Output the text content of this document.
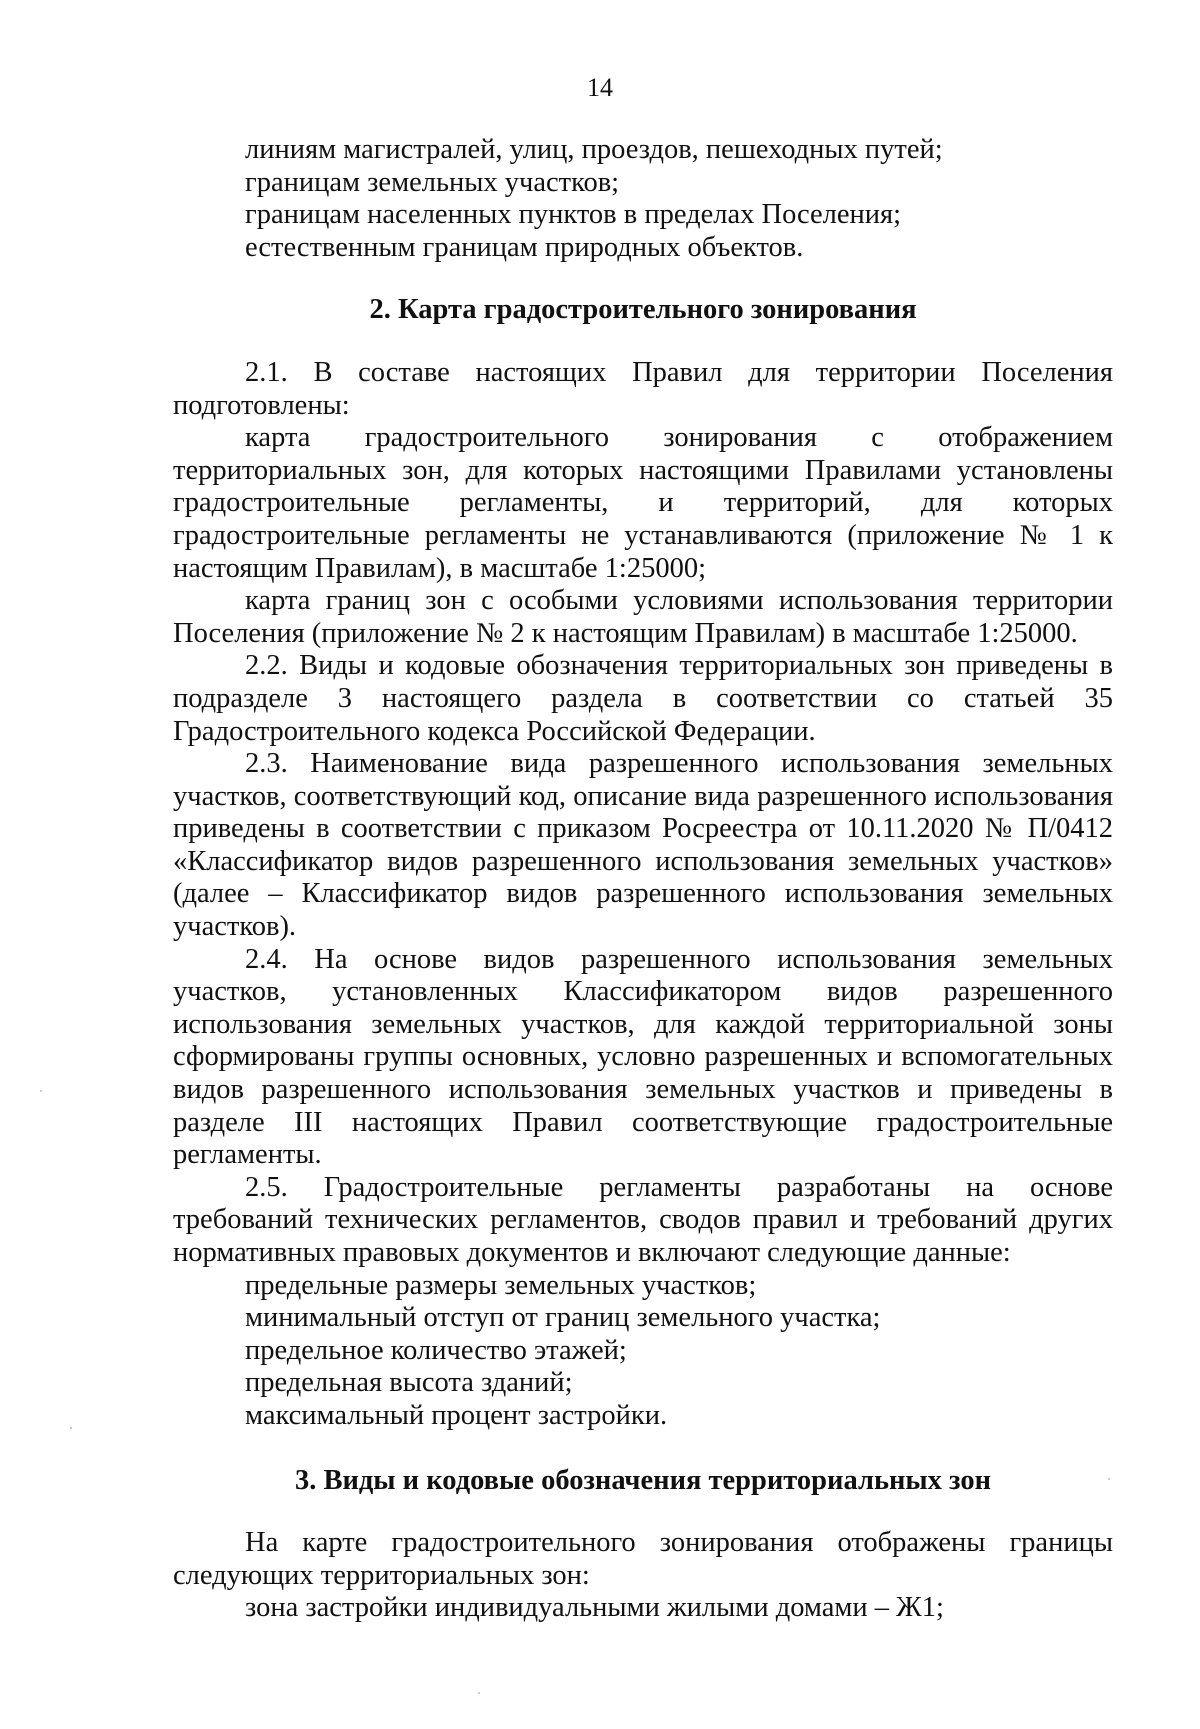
14

линиям магистралей, улиц, проездов, пешеходных путей;

границам земельных участков;

границам населенных пунктов в пределах Поселения;

естественным границам природных объектов.

2. Карта градостроительного зонирования

2.1. В составе настоящих Правил для территории Поселения подготовлены:

карта градостроительного зонирования с отображением территориальных зон, для которых настоящими Правилами установлены градостроительные регламенты, и территорий, для которых градостроительные регламенты не устанавливаются (приложение № 1 к настоящим Правилам), в масштабе 1:25000;

карта границ зон с особыми условиями использования территории Поселения (приложение № 2 к настоящим Правилам) в масштабе 1:25000.

2.2. Виды и кодовые обозначения территориальных зон приведены в подразделе 3 настоящего раздела в соответствии со статьей 35 Градостроительного кодекса Российской Федерации.

2.3. Наименование вида разрешенного использования земельных участков, соответствующий код, описание вида разрешенного использования приведены в соответствии с приказом Росреестра от 10.11.2020 № П/0412 «Классификатор видов разрешенного использования земельных участков» (далее – Классификатор видов разрешенного использования земельных участков).

2.4. На основе видов разрешенного использования земельных участков, установленных Классификатором видов разрешенного использования земельных участков, для каждой территориальной зоны сформированы группы основных, условно разрешенных и вспомогательных видов разрешенного использования земельных участков и приведены в разделе III настоящих Правил соответствующие градостроительные регламенты.

2.5. Градостроительные регламенты разработаны на основе требований технических регламентов, сводов правил и требований других нормативных правовых документов и включают следующие данные:

предельные размеры земельных участков;

минимальный отступ от границ земельного участка;

предельное количество этажей;

предельная высота зданий;

максимальный процент застройки.

3. Виды и кодовые обозначения территориальных зон

На карте градостроительного зонирования отображены границы следующих территориальных зон:

зона застройки индивидуальными жилыми домами – Ж1;
